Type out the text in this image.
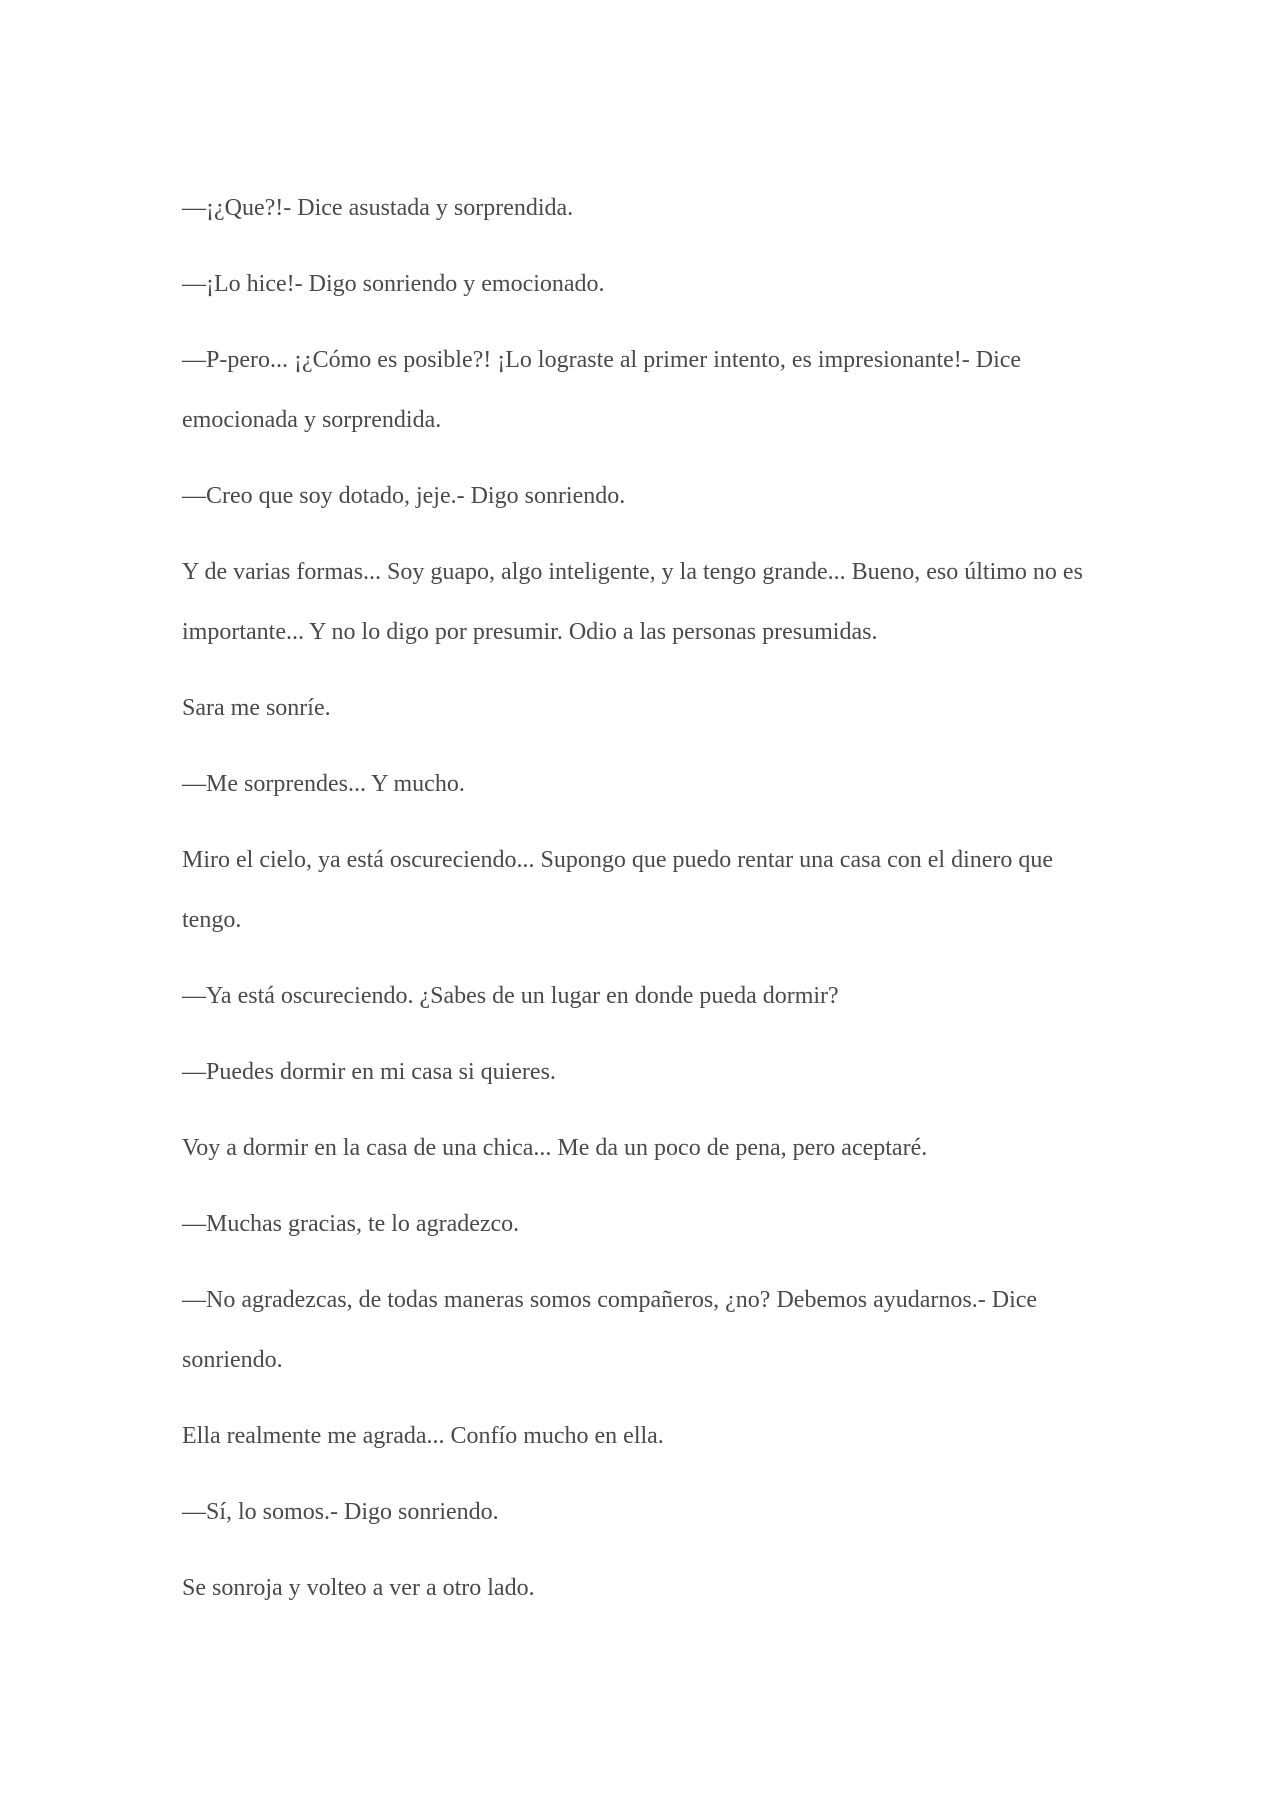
—¡¿Que?!- Dice asustada y sorprendida.

—¡Lo hice!- Digo sonriendo y emocionado.

—P-pero... ¡¿Cómo es posible?! ¡Lo lograste al primer intento, es impresionante!- Dice emocionada y sorprendida.

—Creo que soy dotado, jeje.- Digo sonriendo.

Y de varias formas... Soy guapo, algo inteligente, y la tengo grande... Bueno, eso último no es importante... Y no lo digo por presumir. Odio a las personas presumidas.

Sara me sonríe.

—Me sorprendes... Y mucho.

Miro el cielo, ya está oscureciendo... Supongo que puedo rentar una casa con el dinero que tengo.

—Ya está oscureciendo. ¿Sabes de un lugar en donde pueda dormir?

—Puedes dormir en mi casa si quieres.

Voy a dormir en la casa de una chica... Me da un poco de pena, pero aceptaré.

—Muchas gracias, te lo agradezco.

—No agradezcas, de todas maneras somos compañeros, ¿no? Debemos ayudarnos.- Dice sonriendo.

Ella realmente me agrada... Confío mucho en ella.

—Sí, lo somos.- Digo sonriendo.

Se sonroja y volteo a ver a otro lado.
